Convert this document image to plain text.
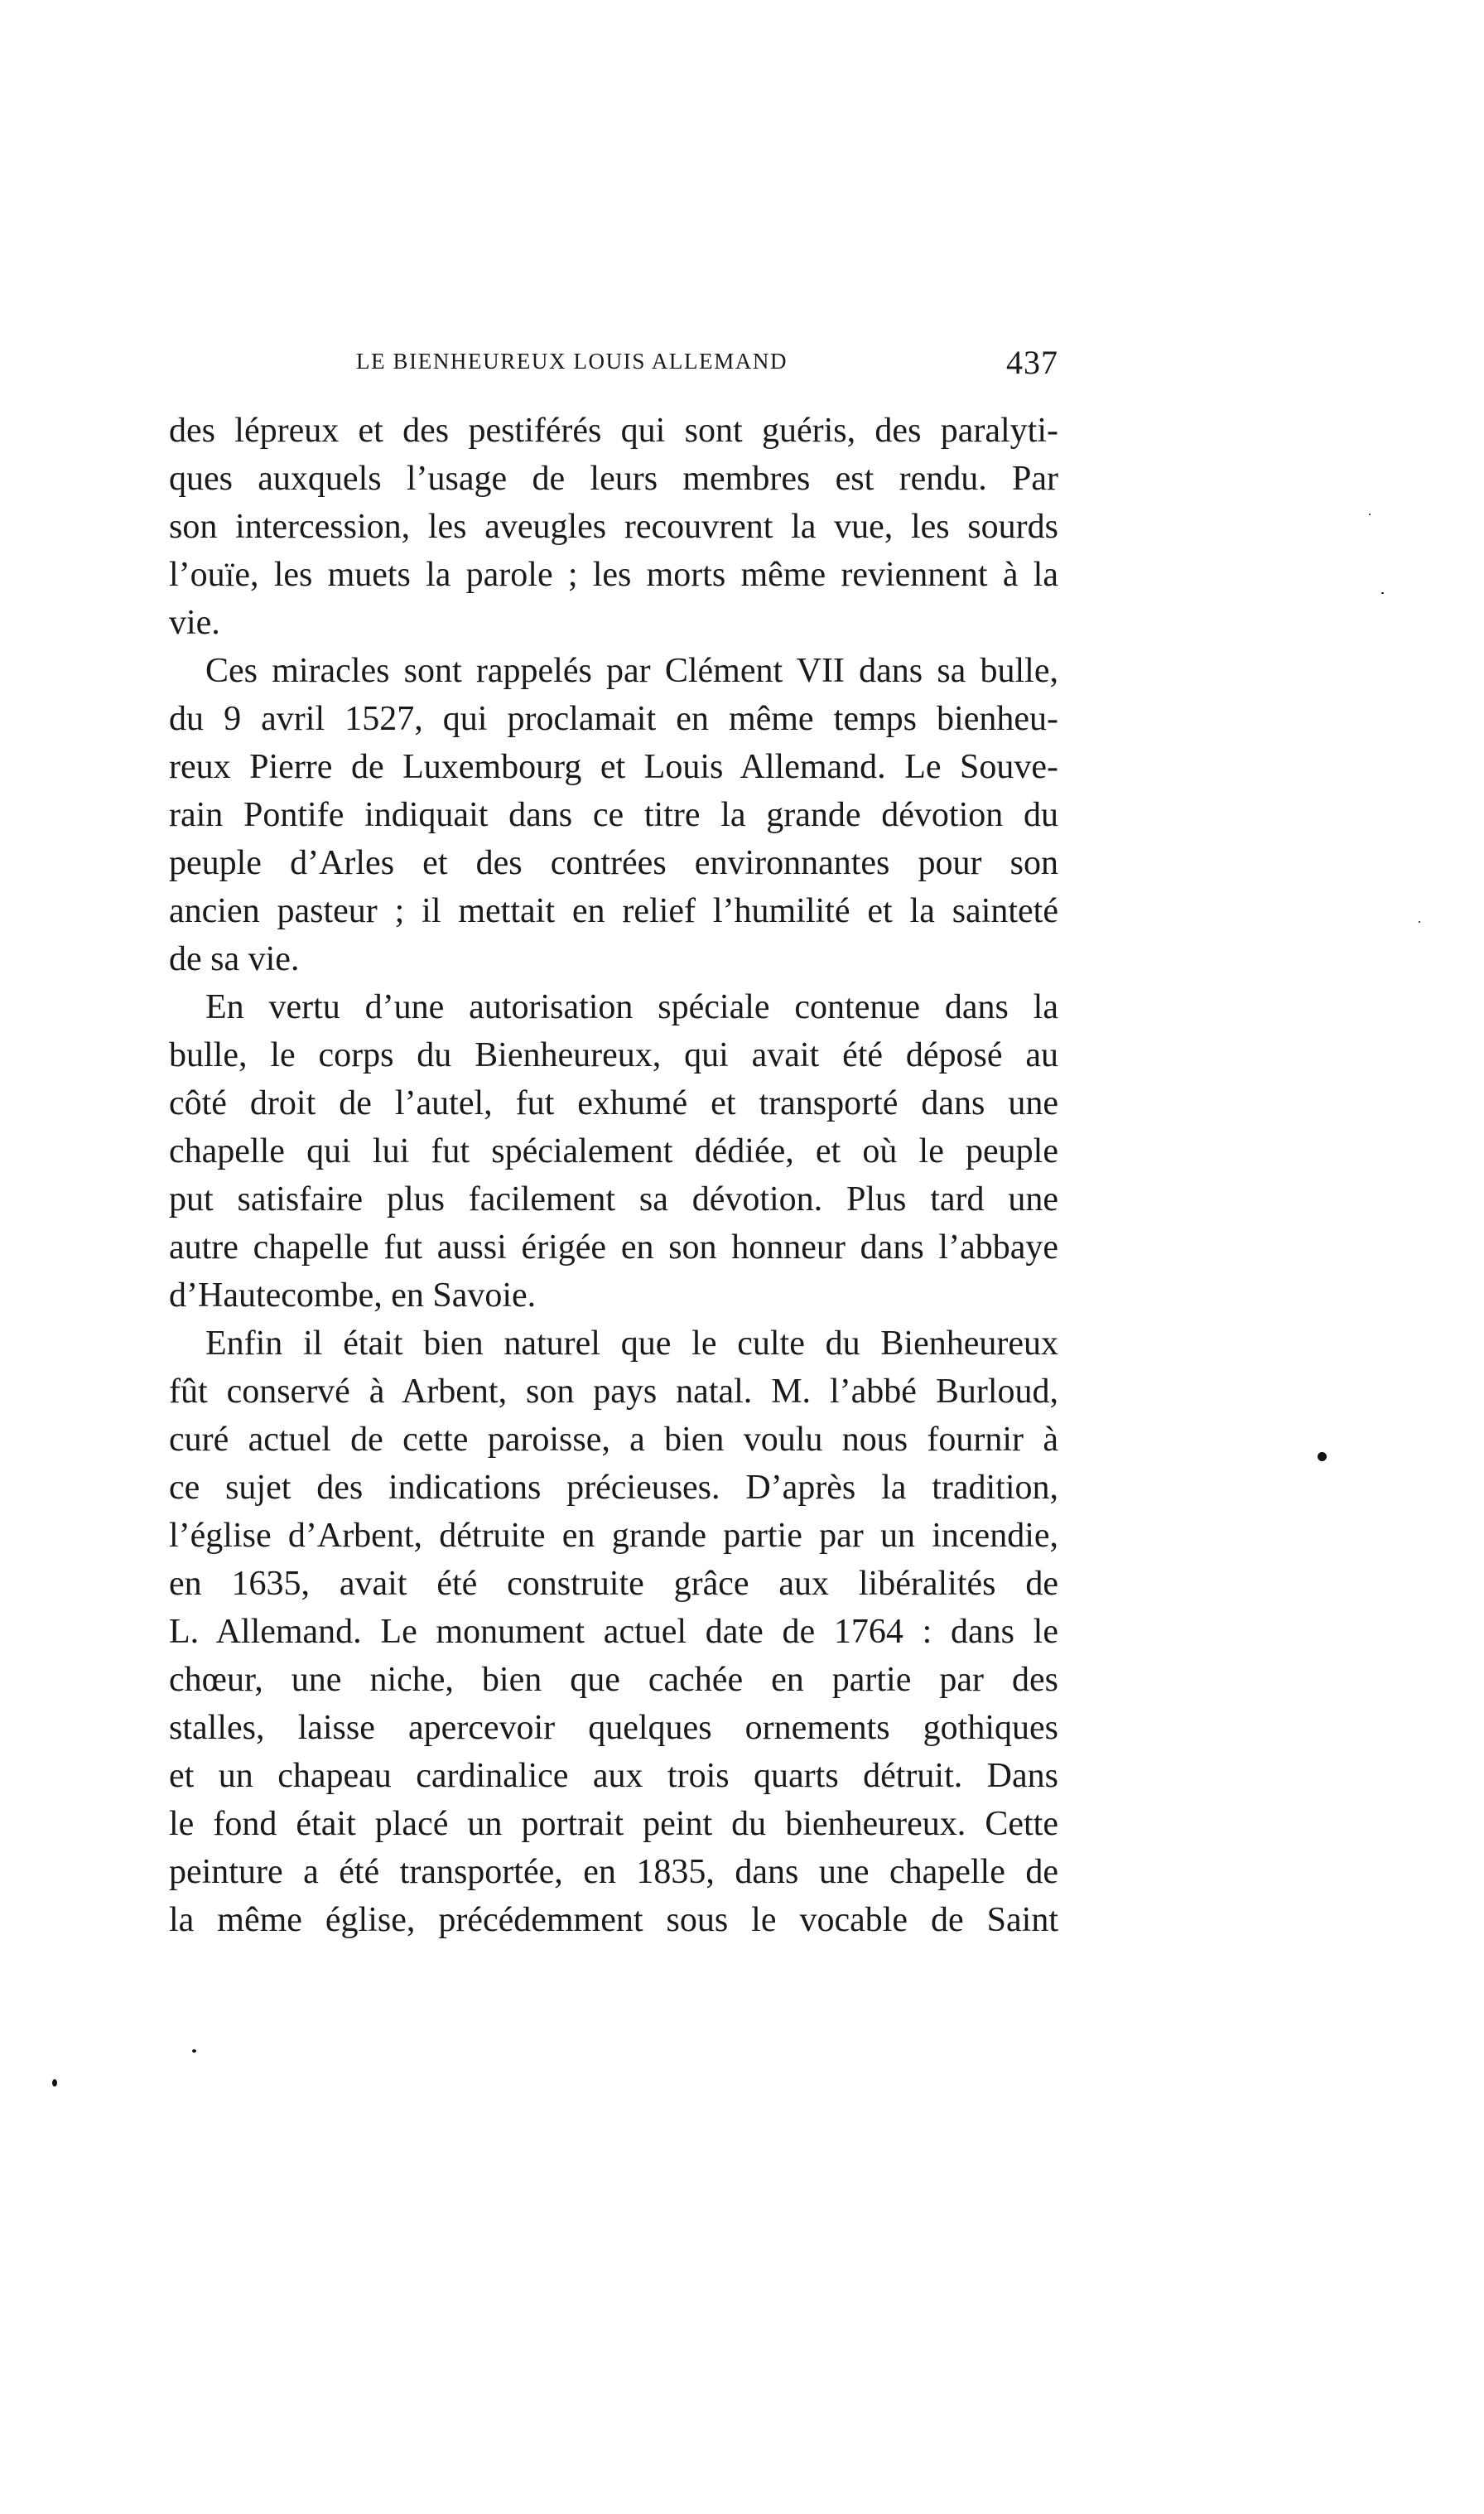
LE BIENHEUREUX LOUIS ALLEMAND	437
des lépreux et des pestiférés qui sont guéris, des paralyti-
ques auxquels l’usage de leurs membres est rendu. Par
son intercession, les aveugles recouvrent la vue, les sourds
l’ouïe, les muets la parole ; les morts même reviennent à la
vie.
Ces miracles sont rappelés par Clément VII dans sa bulle,
du 9 avril 1527, qui proclamait en même temps bienheu-
reux Pierre de Luxembourg et Louis Allemand. Le Souve-
rain Pontife indiquait dans ce titre la grande dévotion du
peuple d’Arles et des contrées environnantes pour son
ancien pasteur ; il mettait en relief l’humilité et la sainteté
de sa vie.
En vertu d’une autorisation spéciale contenue dans la
bulle, le corps du Bienheureux, qui avait été déposé au
côté droit de l’autel, fut exhumé et transporté dans une
chapelle qui lui fut spécialement dédiée, et où le peuple
put satisfaire plus facilement sa dévotion. Plus tard une
autre chapelle fut aussi érigée en son honneur dans l’abbaye
d’Hautecombe, en Savoie.
Enfin il était bien naturel que le culte du Bienheureux
fût conservé à Arbent, son pays natal. M. l’abbé Burloud,
curé actuel de cette paroisse, a bien voulu nous fournir à
ce sujet des indications précieuses. D’après la tradition,
l’église d’Arbent, détruite en grande partie par un incendie,
en 1635, avait été construite grâce aux libéralités de
L. Allemand. Le monument actuel date de 1764 : dans le
chœur, une niche, bien que cachée en partie par des
stalles, laisse apercevoir quelques ornements gothiques
et un chapeau cardinalice aux trois quarts détruit. Dans
le fond était placé un portrait peint du bienheureux. Cette
peinture a été transportée, en 1835, dans une chapelle de
la même église, précédemment sous le vocable de Saint
